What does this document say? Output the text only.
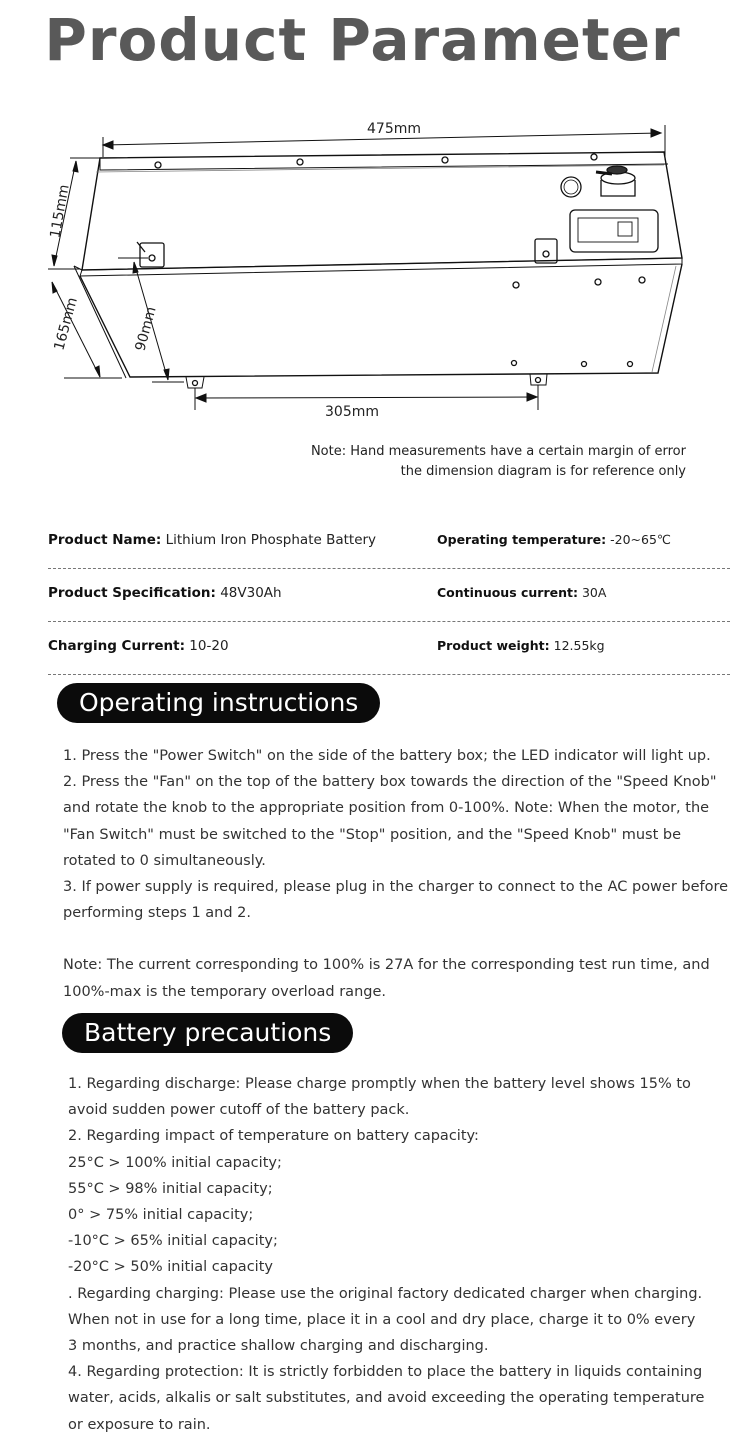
Product Parameter
475mm
115mm
165mm	90mm
305mm
Note: Hand measurements have a certain margin of error
the dimension diagram is for reference only
Product Name: Lithium Iron Phosphate Battery	Operating temperature: -20~65℃
Product Specification: 48V30Ah	Continuous current: 30A
Charging Current: 10-20	Product weight: 12.55kg
Operating instructions

1. Press the "Power Switch" on the side of the battery box; the LED indicator will light up.

2. Press the "Fan" on the top of the battery box towards the direction of the "Speed Knob"

and rotate the knob to the appropriate position from 0-100%. Note: When the motor, the

"Fan Switch" must be switched to the "Stop" position, and the "Speed Knob" must be

rotated to 0 simultaneously.

3. If power supply is required, please plug in the charger to connect to the AC power before

performing steps 1 and 2.

Note: The current corresponding to 100% is 27A for the corresponding test run time, and

100%-max is the temporary overload range.

Battery precautions

1. Regarding discharge: Please charge promptly when the battery level shows 15% to

avoid sudden power cutoff of the battery pack.

2. Regarding impact of temperature on battery capacity:

25°C > 100% initial capacity;

55°C > 98% initial capacity;

0° > 75% initial capacity;

-10°C > 65% initial capacity;

-20°C > 50% initial capacity

. Regarding charging: Please use the original factory dedicated charger when charging.

When not in use for a long time, place it in a cool and dry place, charge it to 0% every

3 months, and practice shallow charging and discharging.

4. Regarding protection: It is strictly forbidden to place the battery in liquids containing

water, acids, alkalis or salt substitutes, and avoid exceeding the operating temperature

or exposure to rain.
